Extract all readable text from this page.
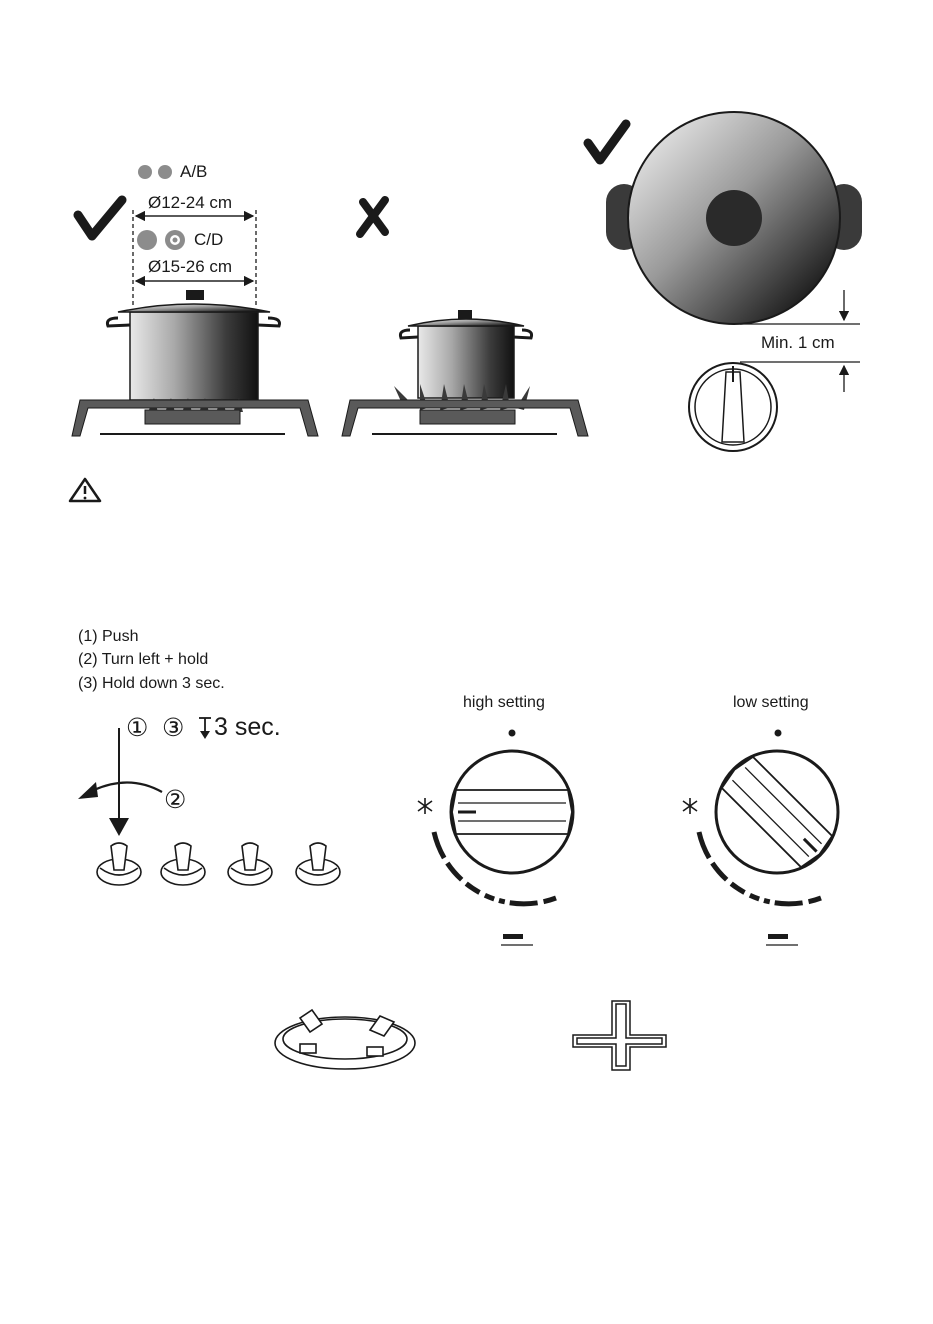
A/B
Ø12-24 cm
C/D
Ø15-26 cm
Min. 1 cm
(1) Push
(2) Turn left + hold
(3) Hold down 3 sec.
① ③ 3 sec.
②
high setting	low setting
